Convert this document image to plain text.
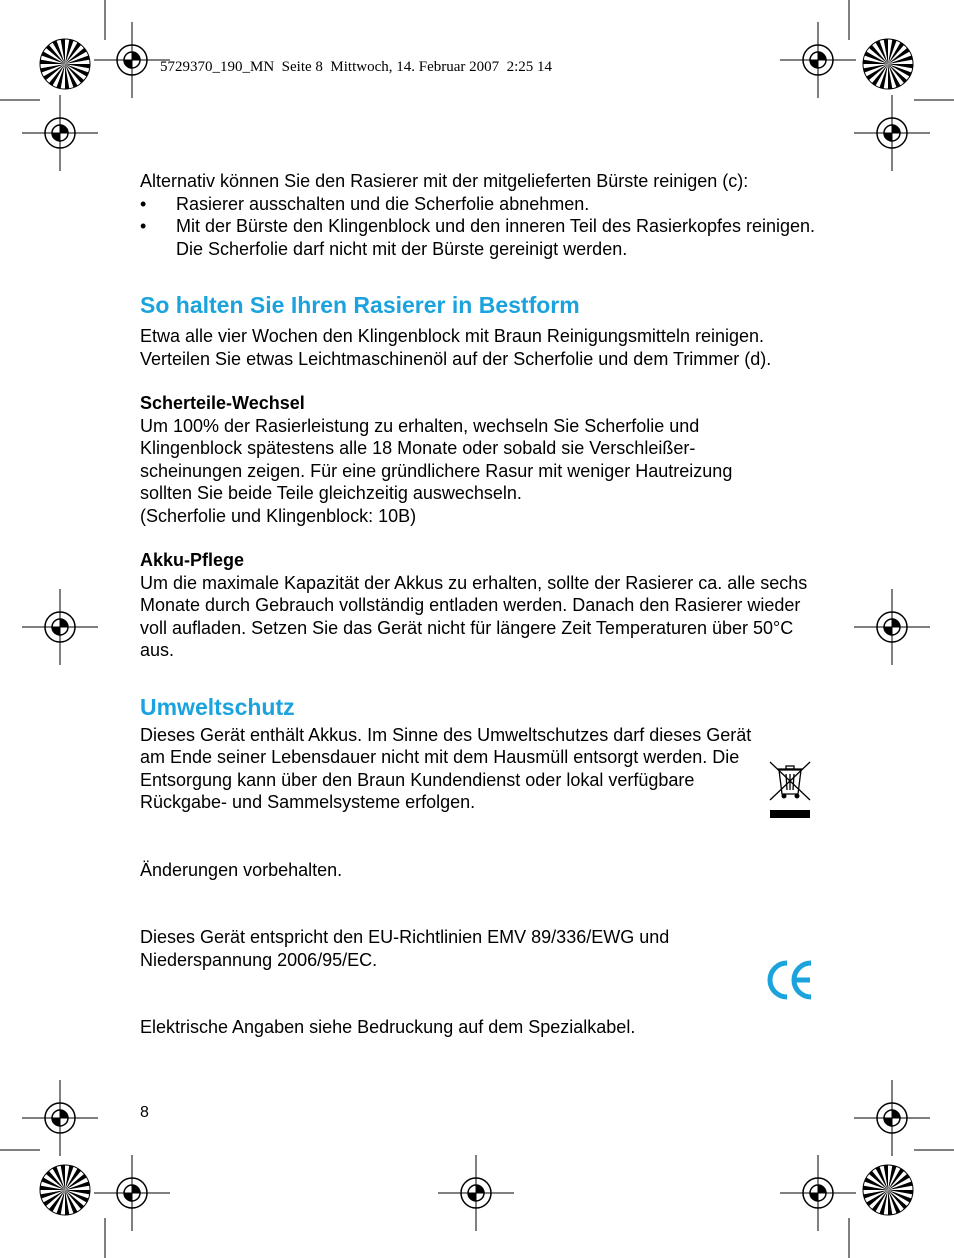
5729370_190_MN  Seite 8  Mittwoch, 14. Februar 2007  2:25 14

Alternativ können Sie den Rasierer mit der mitgelieferten Bürste reinigen (c):

• Rasierer ausschalten und die Scherfolie abnehmen.
• Mit der Bürste den Klingenblock und den inneren Teil des Rasierkopfes reinigen. Die Scherfolie darf nicht mit der Bürste gereinigt werden.
So halten Sie Ihren Rasierer in Bestform

Etwa alle vier Wochen den Klingenblock mit Braun Reinigungsmitteln reinigen. Verteilen Sie etwas Leichtmaschinenöl auf der Scherfolie und dem Trimmer (d).

Scherteile-Wechsel

Um 100% der Rasierleistung zu erhalten, wechseln Sie Scherfolie und
Klingenblock spätestens alle 18 Monate oder sobald sie Verschleißer-
scheinungen zeigen. Für eine gründlichere Rasur mit weniger Hautreizung
sollten Sie beide Teile gleichzeitig auswechseln.
(Scherfolie und Klingenblock: 10B)

Akku-Pflege

Um die maximale Kapazität der Akkus zu erhalten, sollte der Rasierer ca. alle sechs Monate durch Gebrauch vollständig entladen werden. Danach den Rasierer wieder voll aufladen. Setzen Sie das Gerät nicht für längere Zeit Temperaturen über 50°C aus.

Umweltschutz

Dieses Gerät enthält Akkus. Im Sinne des Umweltschutzes darf dieses Gerät am Ende seiner Lebensdauer nicht mit dem Hausmüll entsorgt werden. Die Entsorgung kann über den Braun Kundendienst oder lokal verfügbare Rückgabe- und Sammelsysteme erfolgen.

Änderungen vorbehalten.

Dieses Gerät entspricht den EU-Richtlinien EMV 89/336/EWG und Niederspannung 2006/95/EC.

Elektrische Angaben siehe Bedruckung auf dem Spezialkabel.

8
